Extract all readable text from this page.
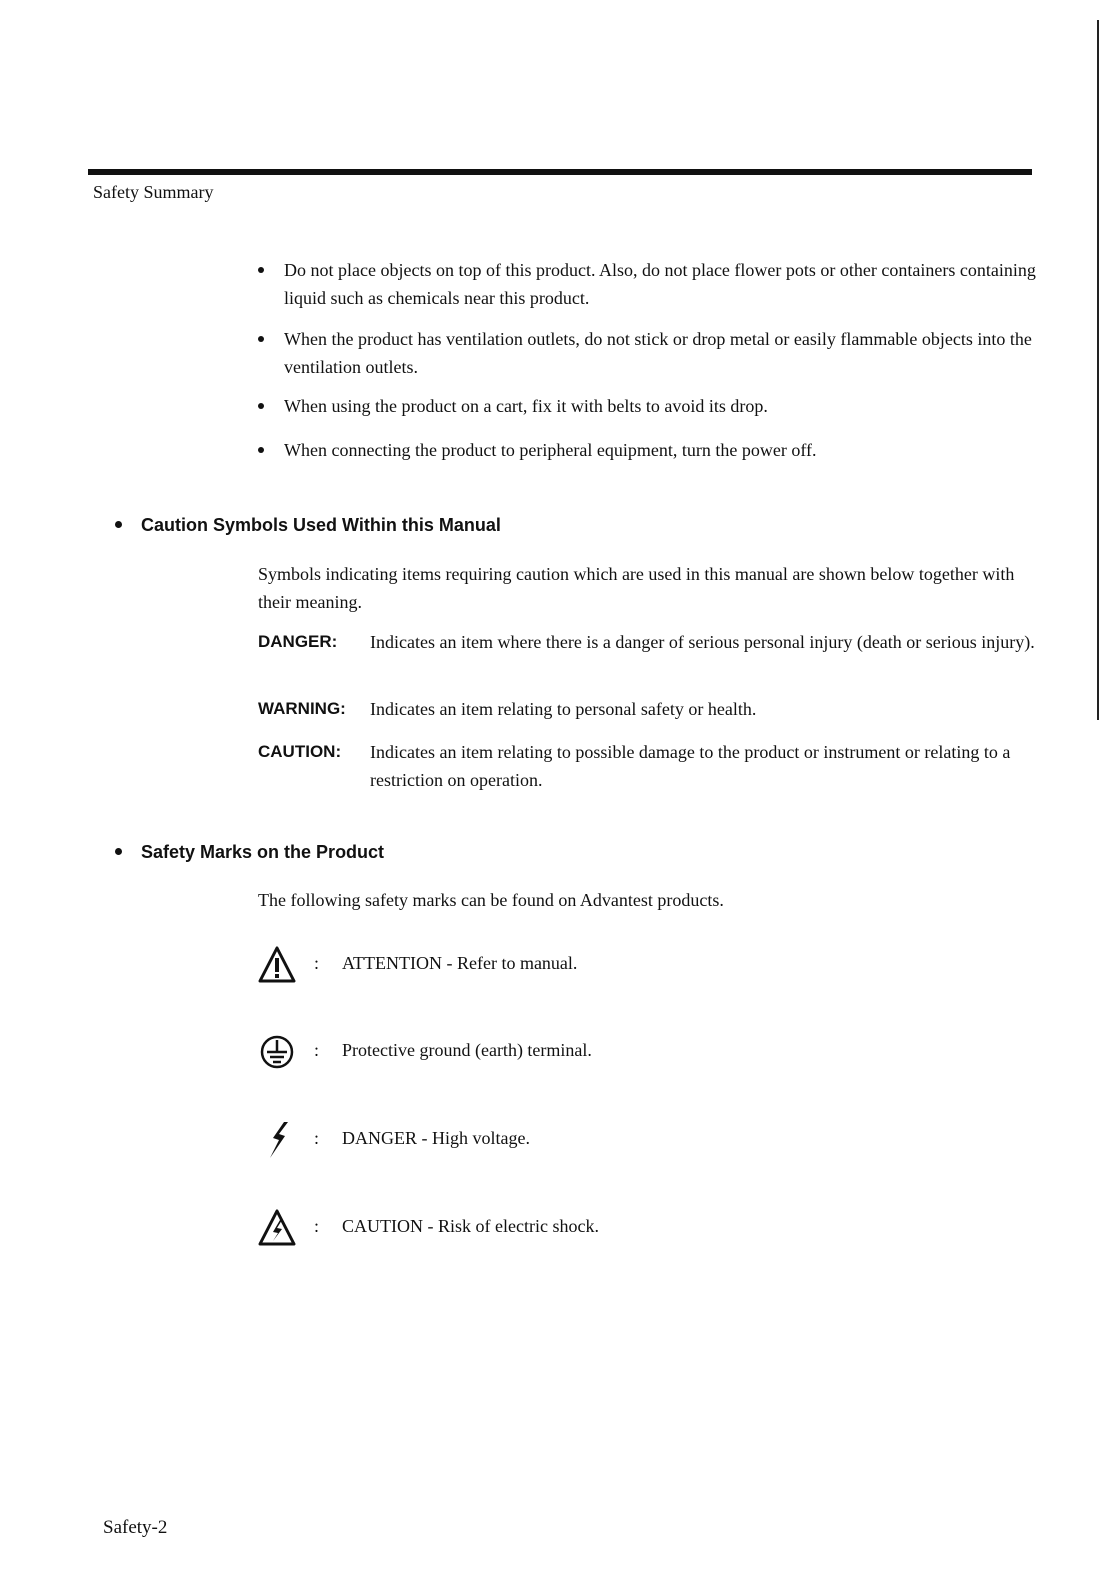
Safety Summary
Do not place objects on top of this product. Also, do not place flower pots or other containers containing liquid such as chemicals near this product.
When the product has ventilation outlets, do not stick or drop metal or easily flammable objects into the ventilation outlets.
When using the product on a cart, fix it with belts to avoid its drop.
When connecting the product to peripheral equipment, turn the power off.
Caution Symbols Used Within this Manual
Symbols indicating items requiring caution which are used in this manual are shown below together with their meaning.
DANGER: Indicates an item where there is a danger of serious personal injury (death or serious injury).
WARNING: Indicates an item relating to personal safety or health.
CAUTION: Indicates an item relating to possible damage to the product or instrument or relating to a restriction on operation.
Safety Marks on the Product
The following safety marks can be found on Advantest products.
: ATTENTION - Refer to manual.
: Protective ground (earth) terminal.
: DANGER - High voltage.
: CAUTION - Risk of electric shock.
Safety-2
